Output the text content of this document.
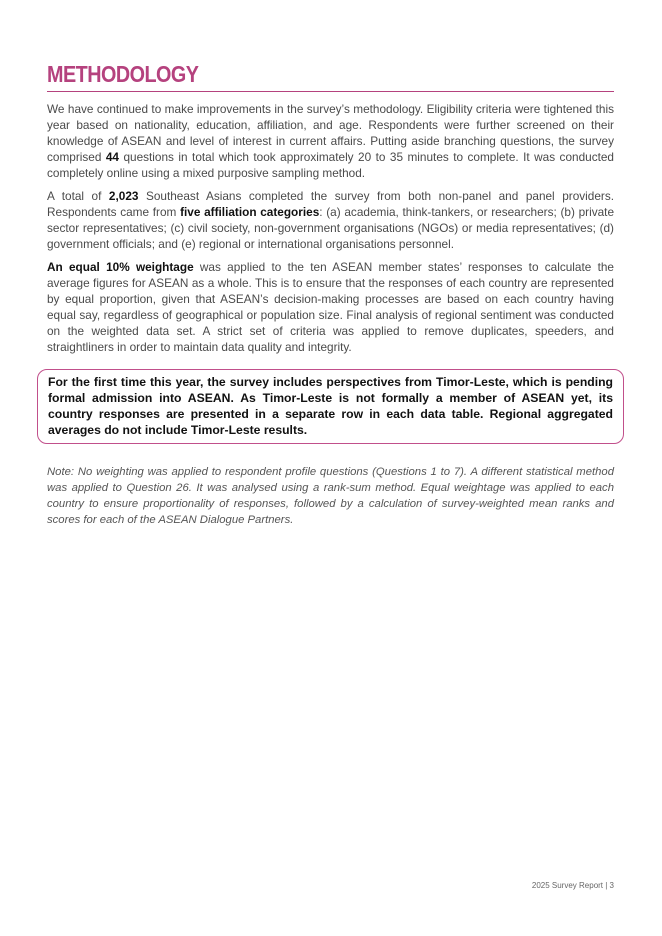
METHODOLOGY

We have continued to make improvements in the survey’s methodology. Eligibility criteria were tightened this year based on nationality, education, affiliation, and age. Respondents were further screened on their knowledge of ASEAN and level of interest in current affairs. Putting aside branching questions, the survey comprised 44 questions in total which took approximately 20 to 35 minutes to complete. It was conducted completely online using a mixed purposive sampling method.

A total of 2,023 Southeast Asians completed the survey from both non-panel and panel providers. Respondents came from five affiliation categories: (a) academia, think-tankers, or researchers; (b) private sector representatives; (c) civil society, non-government organisations (NGOs) or media representatives; (d) government officials; and (e) regional or international organisations personnel.

An equal 10% weightage was applied to the ten ASEAN member states’ responses to calculate the average figures for ASEAN as a whole. This is to ensure that the responses of each country are represented by equal proportion, given that ASEAN’s decision-making processes are based on each country having equal say, regardless of geographical or population size. Final analysis of regional sentiment was conducted on the weighted data set. A strict set of criteria was applied to remove duplicates, speeders, and straightliners in order to maintain data quality and integrity.

For the first time this year, the survey includes perspectives from Timor-Leste, which is pending formal admission into ASEAN. As Timor-Leste is not formally a member of ASEAN yet, its country responses are presented in a separate row in each data table. Regional aggregated averages do not include Timor-Leste results.

Note: No weighting was applied to respondent profile questions (Questions 1 to 7). A different statistical method was applied to Question 26. It was analysed using a rank-sum method. Equal weightage was applied to each country to ensure proportionality of responses, followed by a calculation of survey-weighted mean ranks and scores for each of the ASEAN Dialogue Partners.

2025 Survey Report | 3
